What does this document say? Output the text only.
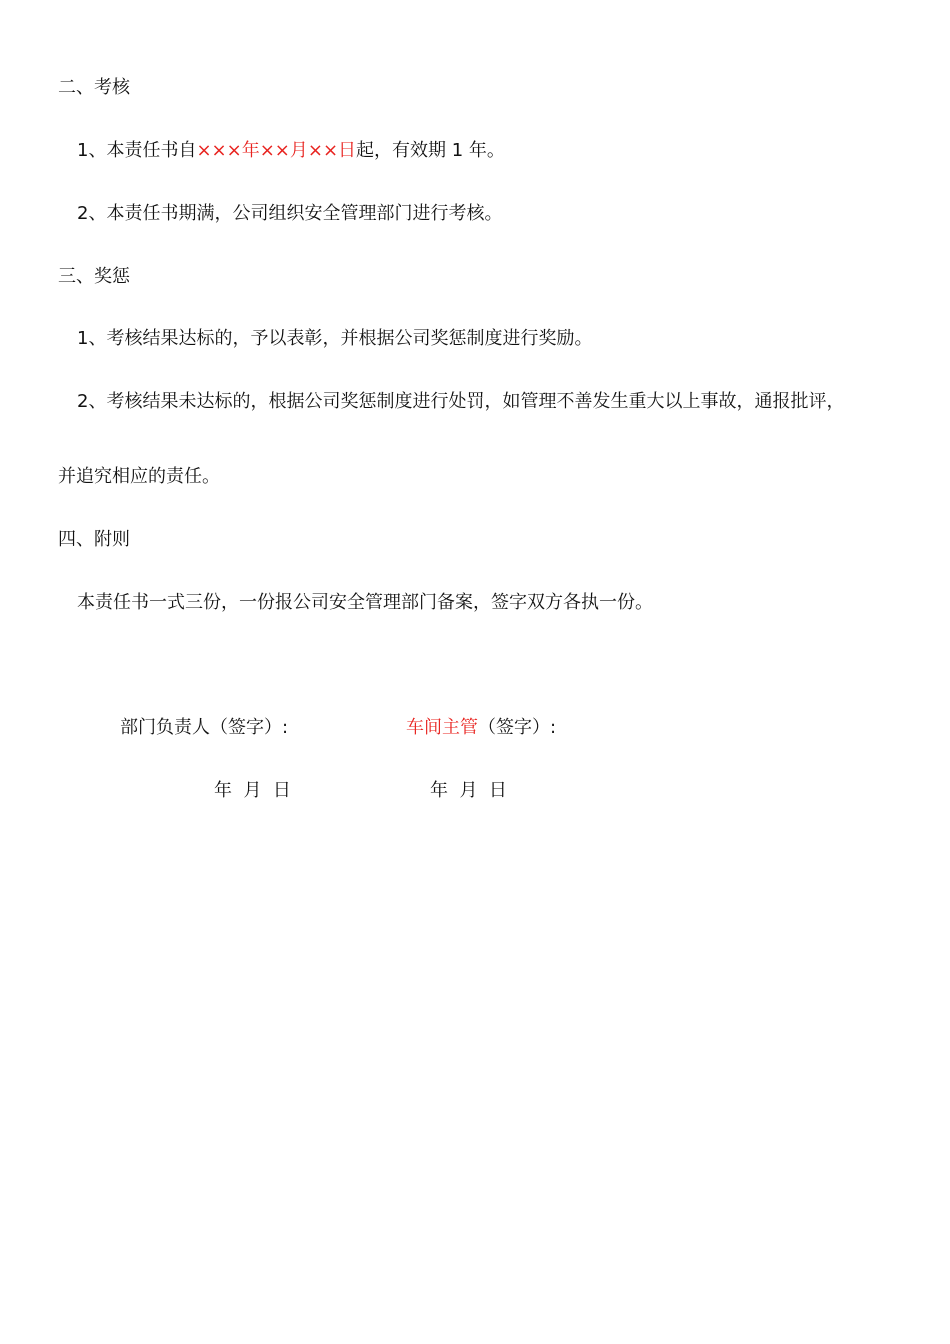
二、考核
1、本责任书自×××年××月××日起，有效期 1 年。
2、本责任书期满，公司组织安全管理部门进行考核。
三、奖惩
1、考核结果达标的，予以表彰，并根据公司奖惩制度进行奖励。
2、考核结果未达标的，根据公司奖惩制度进行处罚，如管理不善发生重大以上事故，通报批评，
并追究相应的责任。
四、附则
本责任书一式三份，一份报公司安全管理部门备案，签字双方各执一份。
部门负责人（签字）:	车间主管（签字）:
年  月  日	年  月  日
